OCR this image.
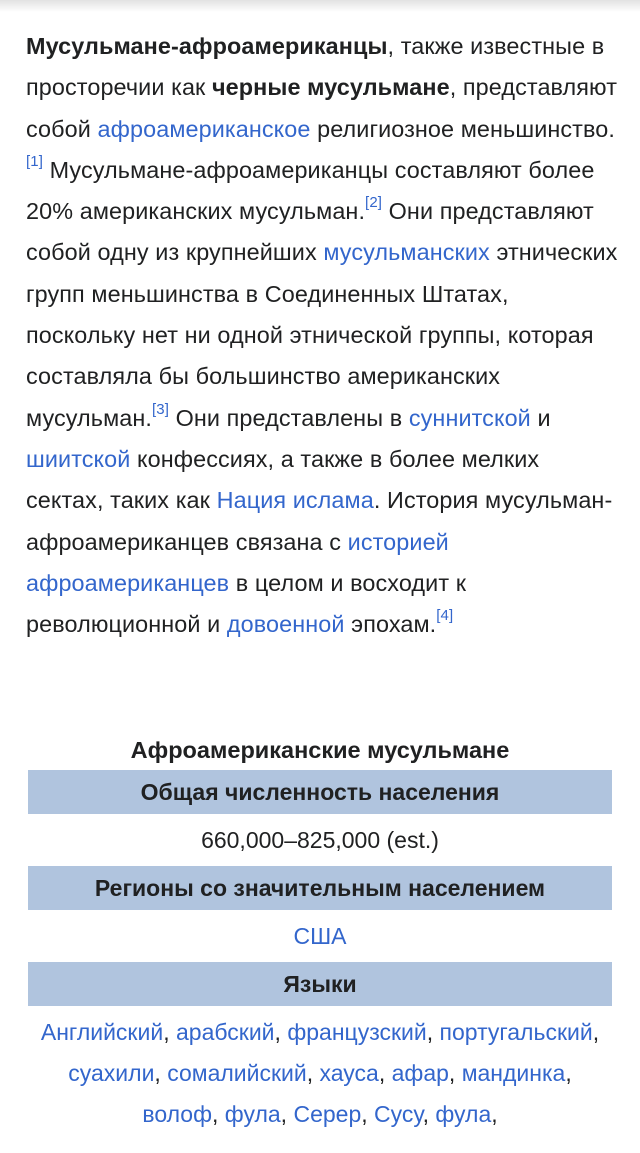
Мусульмане-афроамериканцы, также известные в просторечии как черные мусульмане, представляют собой афроамериканское религиозное меньшинство.[1] Мусульмане-афроамериканцы составляют более 20% американских мусульман.[2] Они представляют собой одну из крупнейших мусульманских этнических групп меньшинства в Соединенных Штатах, поскольку нет ни одной этнической группы, которая составляла бы большинство американских мусульман.[3] Они представлены в суннитской и шиитской конфессиях, а также в более мелких сектах, таких как Нация ислама. История мусульман-афроамериканцев связана с историей афроамериканцев в целом и восходит к революционной и довоенной эпохам.[4]
Афроамериканские мусульмане
Общая численность населения
660,000–825,000 (est.)
Регионы со значительным населением
США
Языки
Английский, арабский, французский, португальский, суахили, сомалийский, хауса, афар, мандинка, волоф, фула, Серер, Сусу, фула,
